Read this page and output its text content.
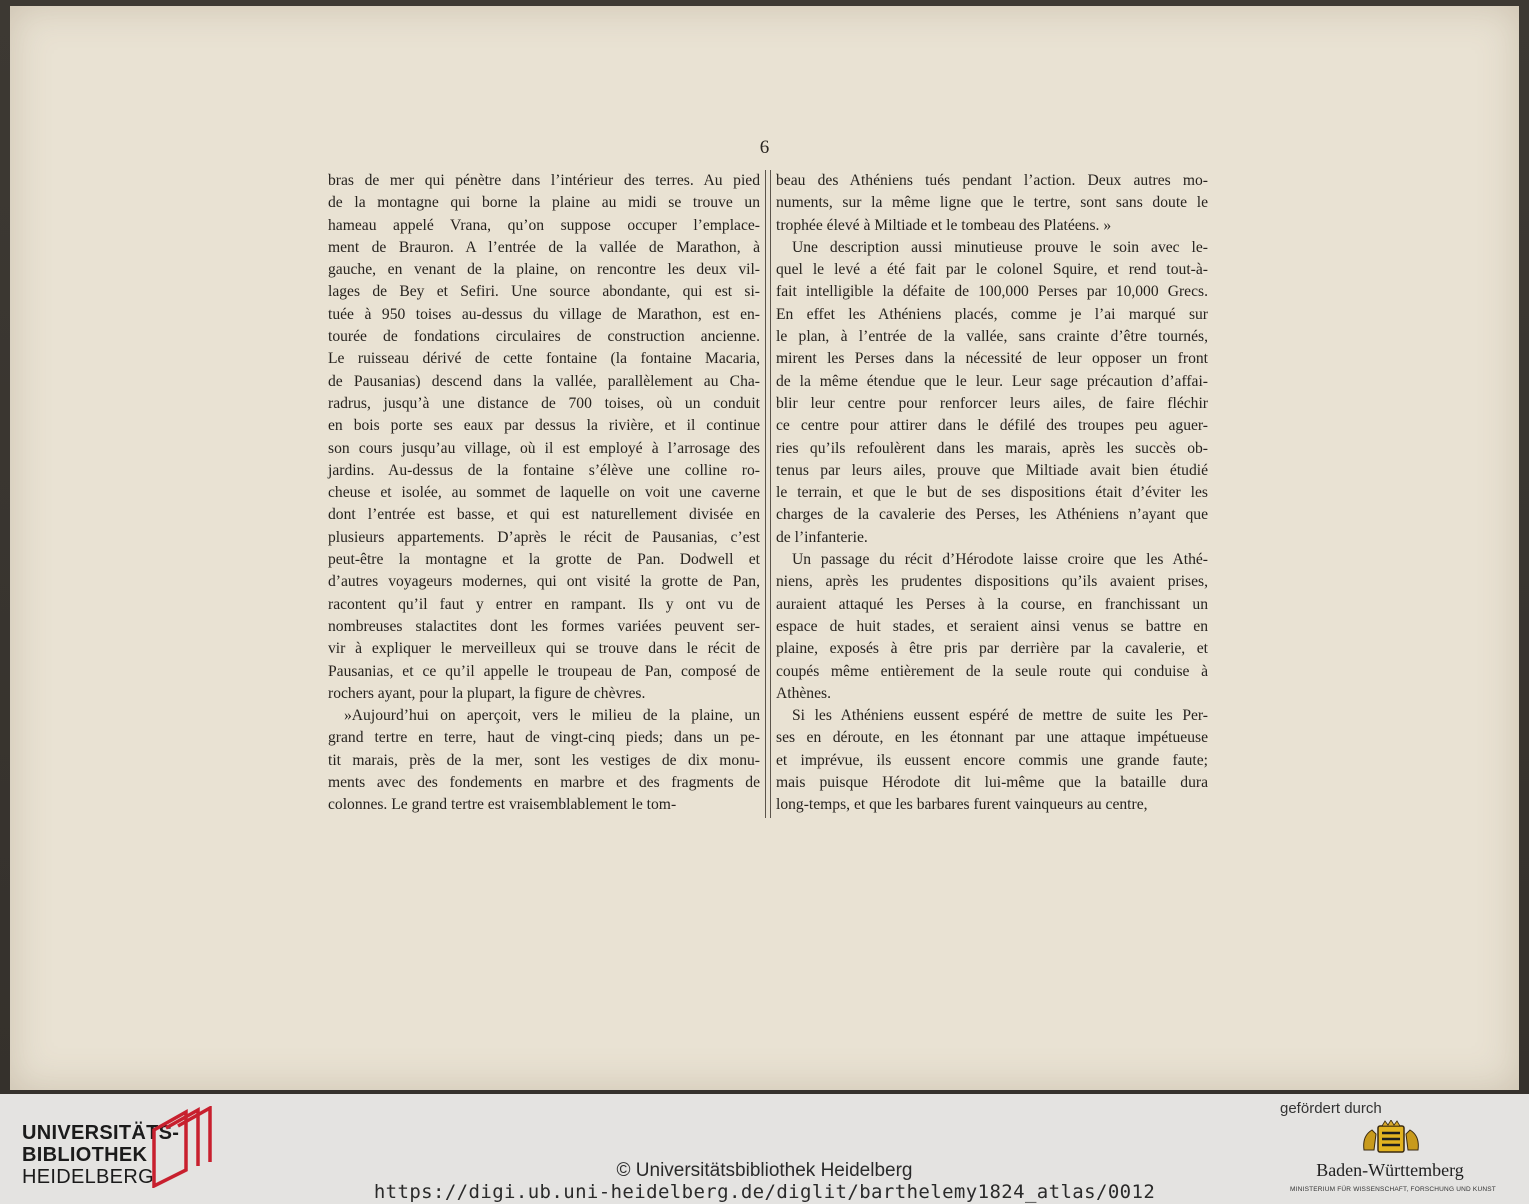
6
bras de mer qui pénètre dans l’intérieur des terres. Au pied
de la montagne qui borne la plaine au midi se trouve un
hameau appelé Vrana, qu’on suppose occuper l’emplace-
ment de Brauron. A l’entrée de la vallée de Marathon, à
gauche, en venant de la plaine, on rencontre les deux vil-
lages de Bey et Sefiri. Une source abondante, qui est si-
tuée à 950 toises au-dessus du village de Marathon, est en-
tourée de fondations circulaires de construction ancienne.
Le ruisseau dérivé de cette fontaine (la fontaine Macaria,
de Pausanias) descend dans la vallée, parallèlement au Cha-
radrus, jusqu’à une distance de 700 toises, où un conduit
en bois porte ses eaux par dessus la rivière, et il continue
son cours jusqu’au village, où il est employé à l’arrosage des
jardins. Au-dessus de la fontaine s’élève une colline ro-
cheuse et isolée, au sommet de laquelle on voit une caverne
dont l’entrée est basse, et qui est naturellement divisée en
plusieurs appartements. D’après le récit de Pausanias, c’est
peut-être la montagne et la grotte de Pan. Dodwell et
d’autres voyageurs modernes, qui ont visité la grotte de Pan,
racontent qu’il faut y entrer en rampant. Ils y ont vu de
nombreuses stalactites dont les formes variées peuvent ser-
vir à expliquer le merveilleux qui se trouve dans le récit de
Pausanias, et ce qu’il appelle le troupeau de Pan, composé de
rochers ayant, pour la plupart, la figure de chèvres.
»Aujourd’hui on aperçoit, vers le milieu de la plaine, un
grand tertre en terre, haut de vingt-cinq pieds; dans un pe-
tit marais, près de la mer, sont les vestiges de dix monu-
ments avec des fondements en marbre et des fragments de
colonnes. Le grand tertre est vraisemblablement le tom-
beau des Athéniens tués pendant l’action. Deux autres mo-
numents, sur la même ligne que le tertre, sont sans doute le
trophée élevé à Miltiade et le tombeau des Platéens. »
Une description aussi minutieuse prouve le soin avec le-
quel le levé a été fait par le colonel Squire, et rend tout-à-
fait intelligible la défaite de 100,000 Perses par 10,000 Grecs.
En effet les Athéniens placés, comme je l’ai marqué sur
le plan, à l’entrée de la vallée, sans crainte d’être tournés,
mirent les Perses dans la nécessité de leur opposer un front
de la même étendue que le leur. Leur sage précaution d’affai-
blir leur centre pour renforcer leurs ailes, de faire fléchir
ce centre pour attirer dans le défilé des troupes peu aguer-
ries qu’ils refoulèrent dans les marais, après les succès ob-
tenus par leurs ailes, prouve que Miltiade avait bien étudié
le terrain, et que le but de ses dispositions était d’éviter les
charges de la cavalerie des Perses, les Athéniens n’ayant que
de l’infanterie.
Un passage du récit d’Hérodote laisse croire que les Athé-
niens, après les prudentes dispositions qu’ils avaient prises,
auraient attaqué les Perses à la course, en franchissant un
espace de huit stades, et seraient ainsi venus se battre en
plaine, exposés à être pris par derrière par la cavalerie, et
coupés même entièrement de la seule route qui conduise à
Athènes.
Si les Athéniens eussent espéré de mettre de suite les Per-
ses en déroute, en les étonnant par une attaque impétueuse
et imprévue, ils eussent encore commis une grande faute;
mais puisque Hérodote dit lui-même que la bataille dura
long-temps, et que les barbares furent vainqueurs au centre,
UNIVERSITÄTS-
BIBLIOTHEK
HEIDELBERG	© Universitätsbibliothek Heidelberg
https://digi.ub.uni-heidelberg.de/diglit/barthelemy1824_atlas/0012
gefördert durch
Baden-Württemberg
MINISTERIUM FÜR WISSENSCHAFT, FORSCHUNG UND KUNST
